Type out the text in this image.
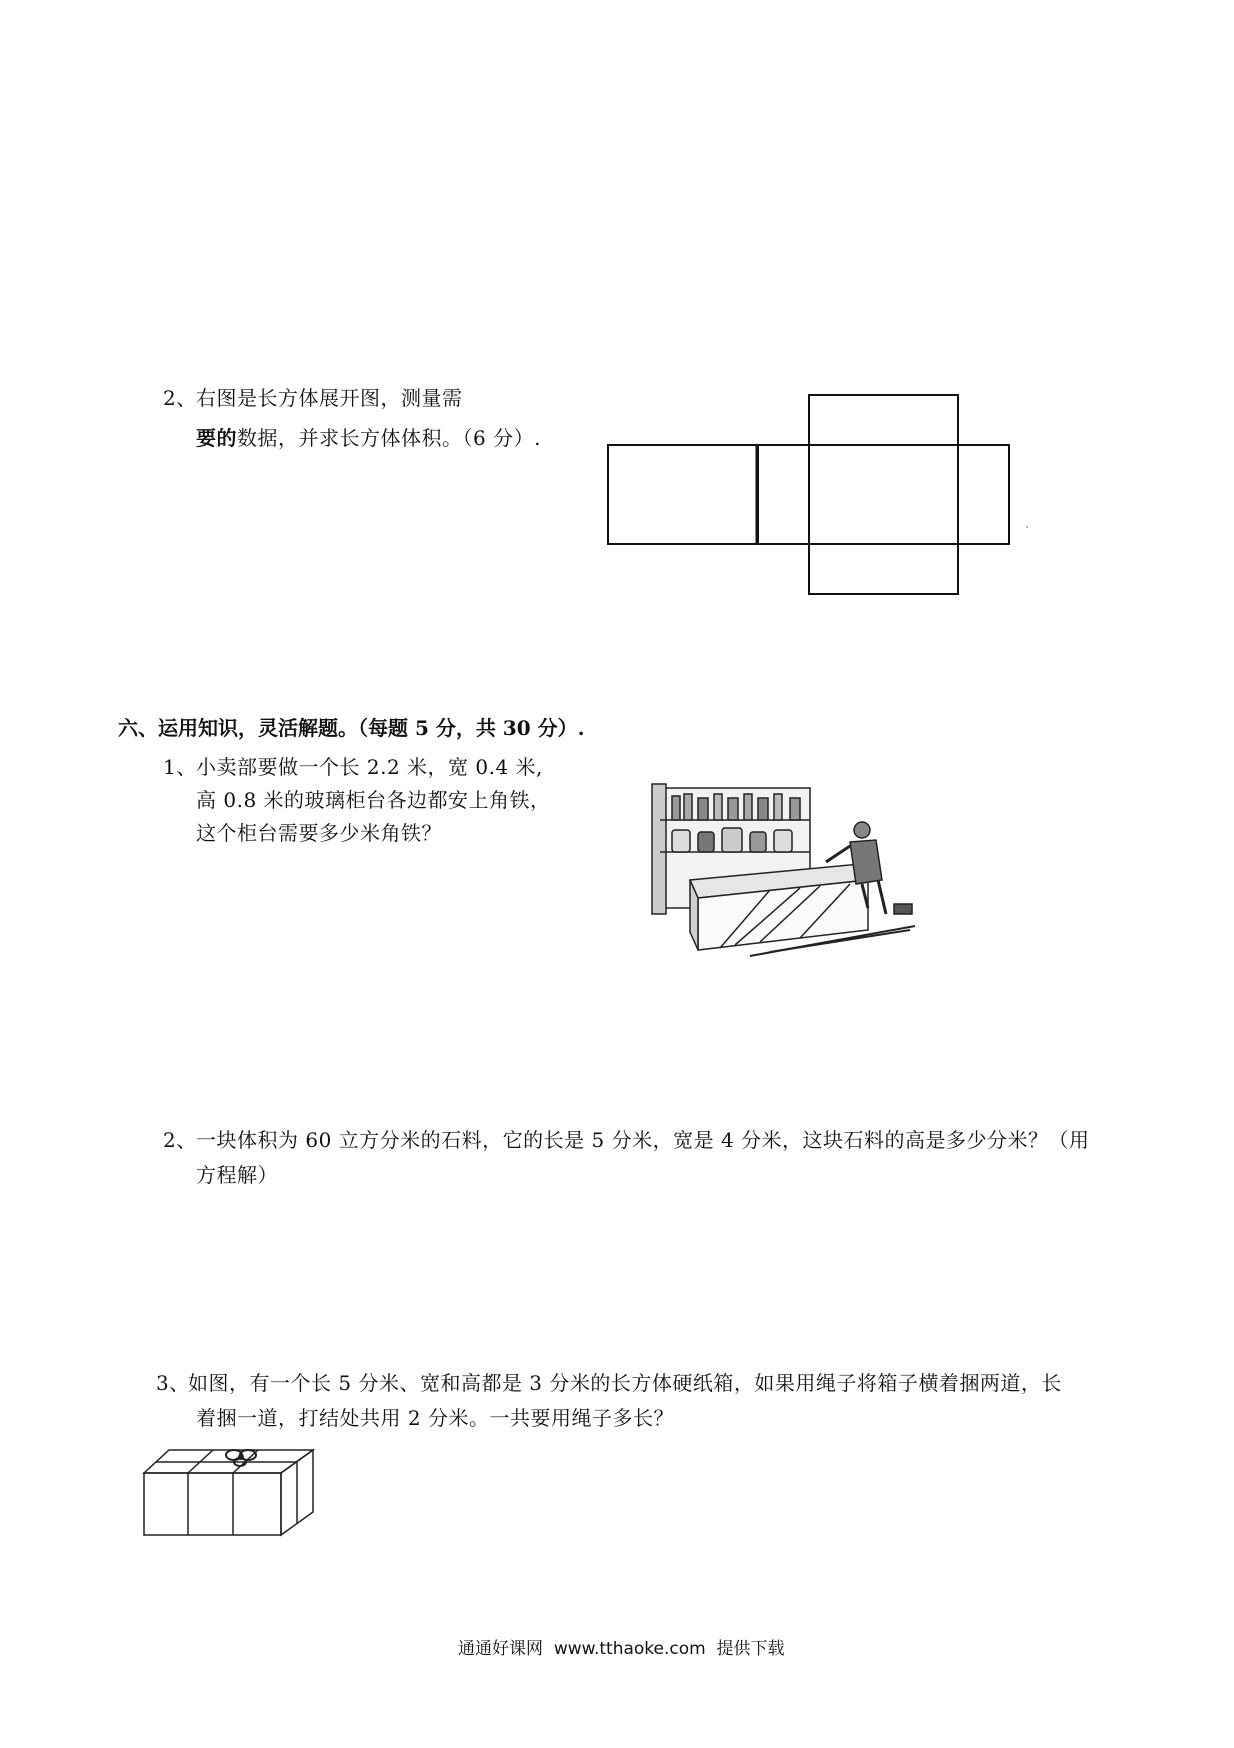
2、 右图是长方体展开图，测量需
要的数据，并求长方体体积。（6 分）.
六、运用知识，灵活解题。（每题 5 分，共 30 分）.
1、 小卖部要做一个长 2.2 米，宽 0.4 米,
高 0.8 米的玻璃柜台各边都安上角铁，
这个柜台需要多少米角铁？
2、 一块体积为 60 立方分米的石料，它的长是 5 分米，宽是 4 分米，这块石料的高是多少分米？（用
方程解）
3、
如图，有一个长 5 分米、宽和高都是 3 分米的长方体硬纸箱，如果用绳子将箱子横着捆两道，长
着捆一道，打结处共用 2 分米。一共要用绳子多长？
通通好课网 www.tthaoke.com 提供下载
